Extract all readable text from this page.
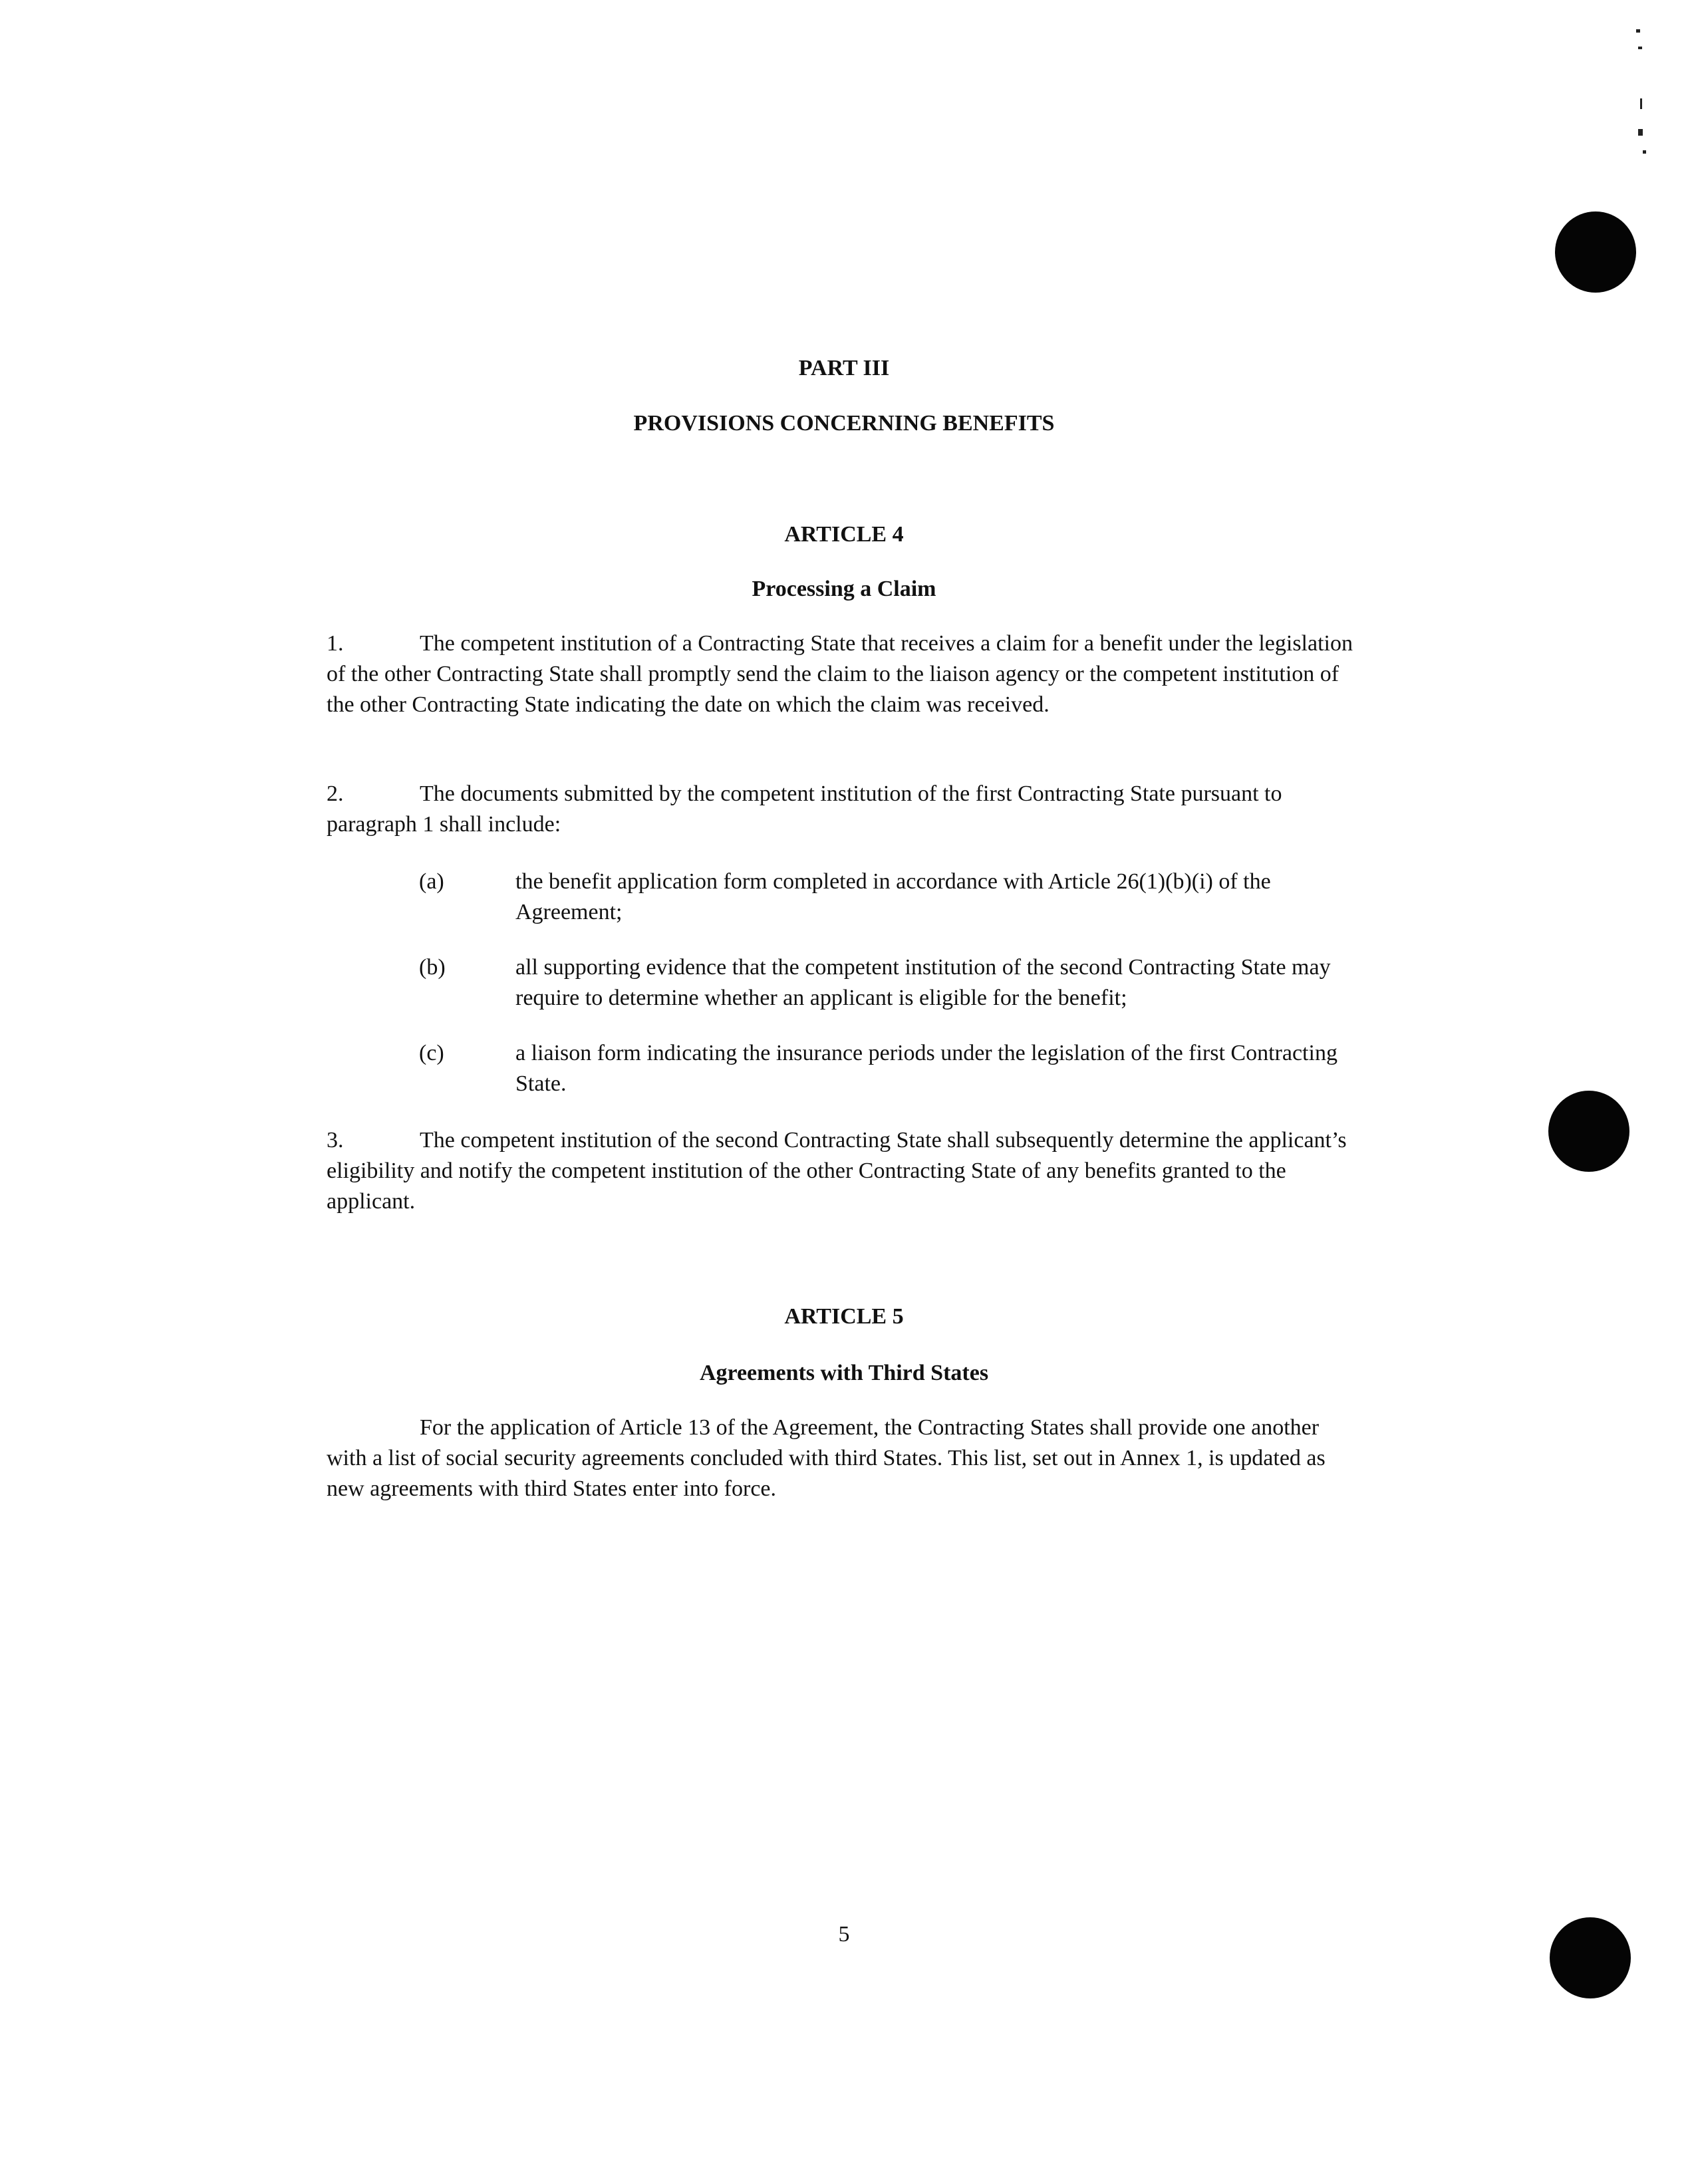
PART III
PROVISIONS CONCERNING BENEFITS
ARTICLE 4
Processing a Claim
1.	The competent institution of a Contracting State that receives a claim for a benefit under the legislation of the other Contracting State shall promptly send the claim to the liaison agency or the competent institution of the other Contracting State indicating the date on which the claim was received.
2.	The documents submitted by the competent institution of the first Contracting State pursuant to paragraph 1 shall include:
(a)	the benefit application form completed in accordance with Article 26(1)(b)(i) of the Agreement;
(b)	all supporting evidence that the competent institution of the second Contracting State may require to determine whether an applicant is eligible for the benefit;
(c)	a liaison form indicating the insurance periods under the legislation of the first Contracting State.
3.	The competent institution of the second Contracting State shall subsequently determine the applicant’s eligibility and notify the competent institution of the other Contracting State of any benefits granted to the applicant.
ARTICLE 5
Agreements with Third States
For the application of Article 13 of the Agreement, the Contracting States shall provide one another with a list of social security agreements concluded with third States. This list, set out in Annex 1, is updated as new agreements with third States enter into force.
5
